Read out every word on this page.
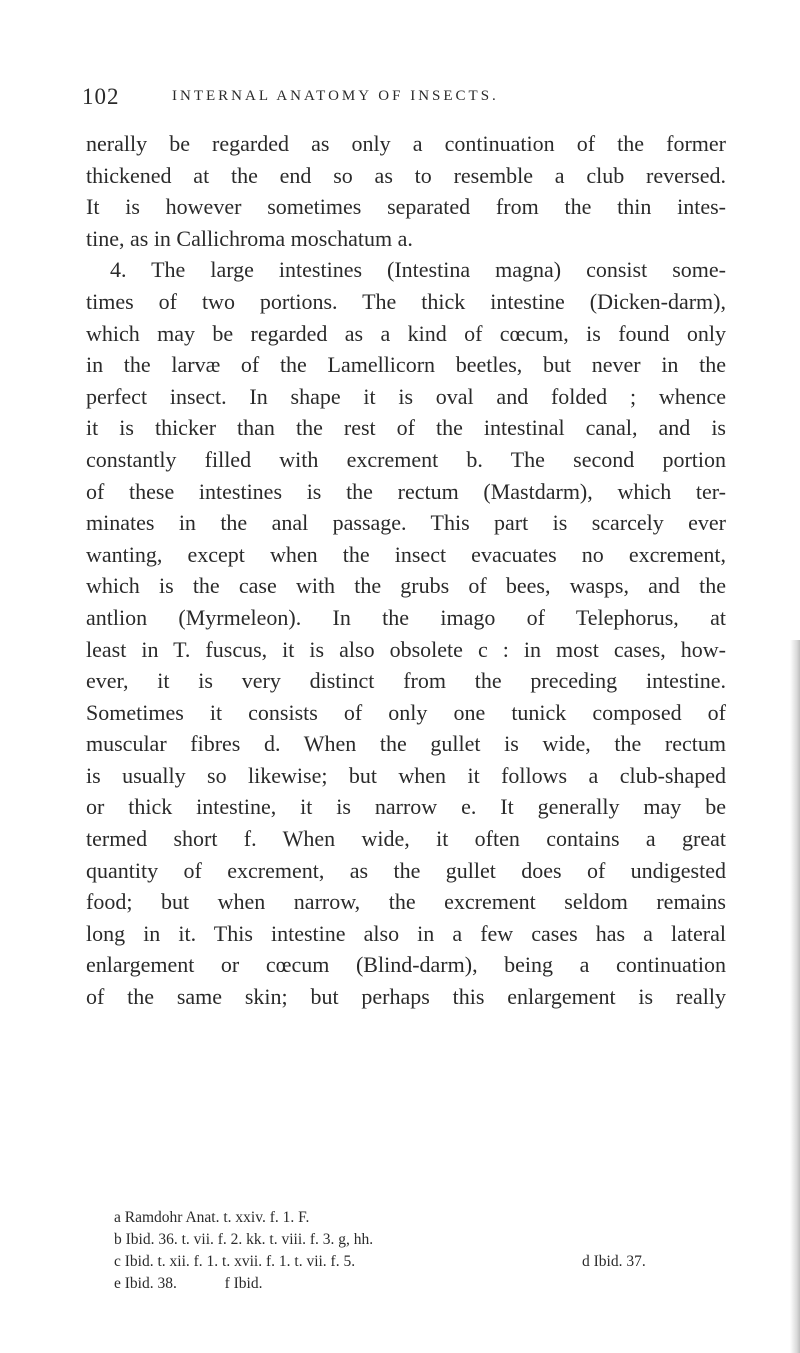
102	INTERNAL ANATOMY OF INSECTS.
nerally be regarded as only a continuation of the former
thickened at the end so as to resemble a club reversed.
It is however sometimes separated from the thin intes-
tine, as in Callichroma moschatum a.
4. The large intestines (Intestina magna) consist some-
times of two portions. The thick intestine (Dicken-darm),
which may be regarded as a kind of cœcum, is found only
in the larvæ of the Lamellicorn beetles, but never in the
perfect insect. In shape it is oval and folded ; whence
it is thicker than the rest of the intestinal canal, and is
constantly filled with excrement b. The second portion
of these intestines is the rectum (Mastdarm), which ter-
minates in the anal passage. This part is scarcely ever
wanting, except when the insect evacuates no excrement,
which is the case with the grubs of bees, wasps, and the
antlion (Myrmeleon). In the imago of Telephorus, at
least in T. fuscus, it is also obsolete c : in most cases, how-
ever, it is very distinct from the preceding intestine.
Sometimes it consists of only one tunick composed of
muscular fibres d. When the gullet is wide, the rectum
is usually so likewise; but when it follows a club-shaped
or thick intestine, it is narrow e. It generally may be
termed short f. When wide, it often contains a great
quantity of excrement, as the gullet does of undigested
food; but when narrow, the excrement seldom remains
long in it. This intestine also in a few cases has a lateral
enlargement or cœcum (Blind-darm), being a continuation
of the same skin; but perhaps this enlargement is really
a Ramdohr Anat. t. xxiv. f. 1. F.
b Ibid. 36. t. vii. f. 2. kk. t. viii. f. 3. g, hh.
c Ibid. t. xii. f. 1. t. xvii. f. 1. t. vii. f. 5.	d Ibid. 37.
e Ibid. 38.	f Ibid.
